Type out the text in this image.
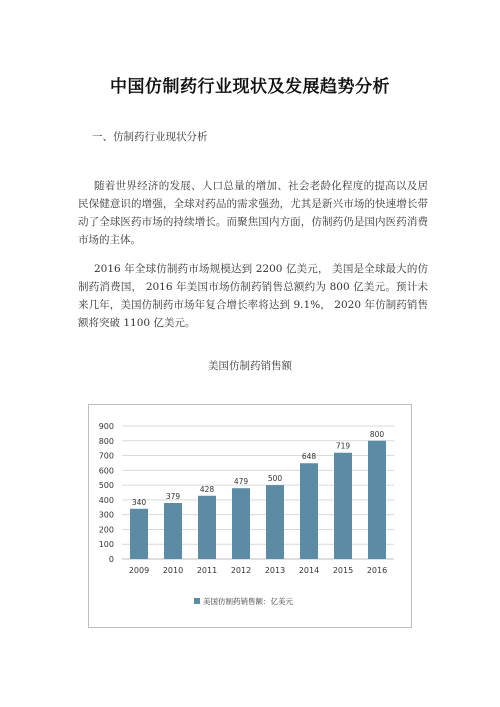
中国仿制药行业现状及发展趋势分析
一、仿制药行业现状分析

随着世界经济的发展、人口总量的增加、社会老龄化程度的提高以及居民保健意识的增强，全球对药品的需求强劲，尤其是新兴市场的快速增长带动了全球医药市场的持续增长。而聚焦国内方面，仿制药仍是国内医药消费市场的主体。

2016 年全球仿制药市场规模达到 2200 亿美元， 美国是全球最大的仿制药消费国， 2016 年美国市场仿制药销售总额约为 800 亿美元。预计未来几年，美国仿制药市场年复合增长率将达到 9.1%， 2020 年仿制药销售额将突破 1100 亿美元。

美国仿制药销售额
0
100
200
300
400
500
600
700
800
900
340
2009
379
2010
428
2011
479
2012
500
2013
648
2014
719
2015
800
2016
美国仿制药销售额：亿美元
